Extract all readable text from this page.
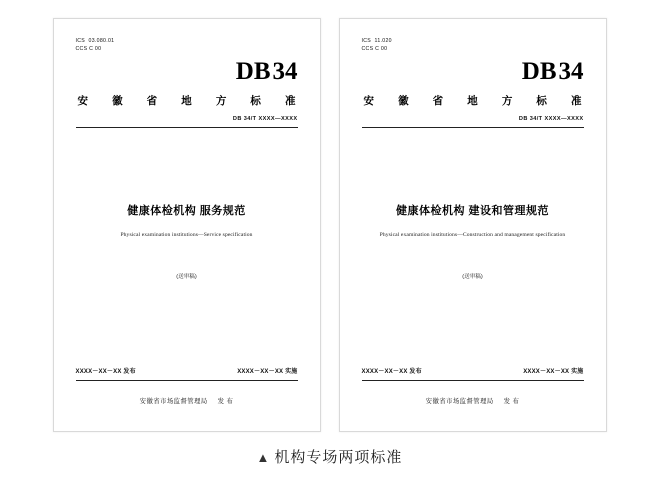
ICS  03.080.01
CCS C 00
DB34
安 徽 省 地 方 标 准
DB 34/T XXXX—XXXX
健康体检机构 服务规范
Physical examination institutions—Service specification
(送审稿)
XXXX－XX－XX 发布	XXXX－XX－XX 实施
安徽省市场监督管理局 发 布
ICS  11.020
CCS C 00
DB34
安 徽 省 地 方 标 准
DB 34/T XXXX—XXXX
健康体检机构 建设和管理规范
Physical examination institutions—Construction and management specification
(送审稿)
XXXX－XX－XX 发布	XXXX－XX－XX 实施
安徽省市场监督管理局 发 布
▲ 机构专场两项标准
